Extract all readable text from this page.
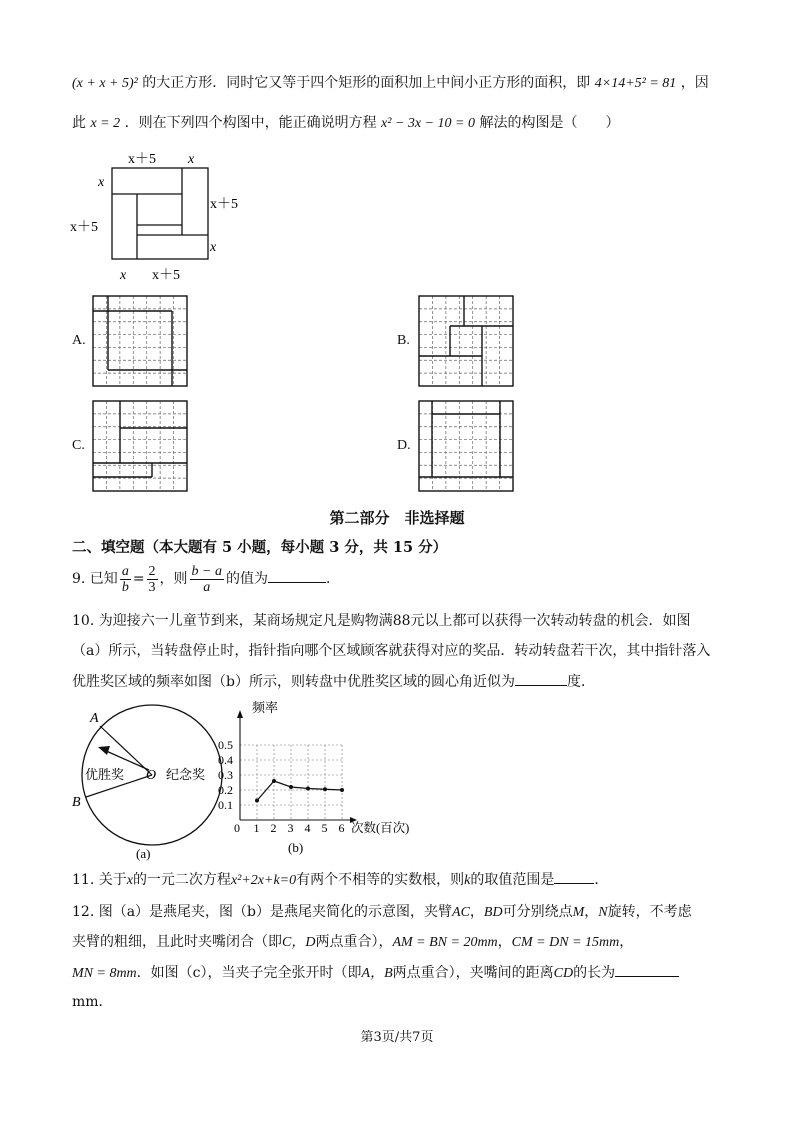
(x + x + 5)² 的大正方形．同时它又等于四个矩形的面积加上中间小正方形的面积，即 4×14+5² = 81 ，因
此 x = 2 ．则在下列四个构图中，能正确说明方程 x² − 3x − 10 = 0 解法的构图是（　　）
x＋5 x
x
x＋5
x＋5
x
x x＋5
A.	B.
C.	D.
第二部分　非选择题
二、填空题（本大题有 5 小题，每小题 3 分，共 15 分）
9. 已知 $\frac{a}{b} = \frac{2}{3}$ ，则 $\frac{b - a}{a}$ 的值为	．
10. 为迎接六一儿童节到来，某商场规定凡是购物满88元以上都可以获得一次转动转盘的机会．如图
（a）所示，当转盘停止时，指针指向哪个区域顾客就获得对应的奖品．转动转盘若干次，其中指针落入
优胜奖区域的频率如图（b）所示，则转盘中优胜奖区域的圆心角近似为	度．
A
B
O
优胜奖	纪念奖
(a)
0 1 2 3 4 5 6
0.1
0.2
0.3
0.4
0.5
频率
次数(百次)
(b)
11. 关于x的一元二次方程x²+2x+k=0有两个不相等的实数根，则k的取值范围是	．
12. 图（a）是燕尾夹，图（b）是燕尾夹简化的示意图，夹臂AC，BD可分别绕点M，N旋转，不考虑
夹臂的粗细，且此时夹嘴闭合（即C，D两点重合），AM = BN = 20mm，CM = DN = 15mm，
MN = 8mm．如图（c），当夹子完全张开时（即A，B两点重合），夹嘴间的距离CD的长为
mm．
第3页/共7页
